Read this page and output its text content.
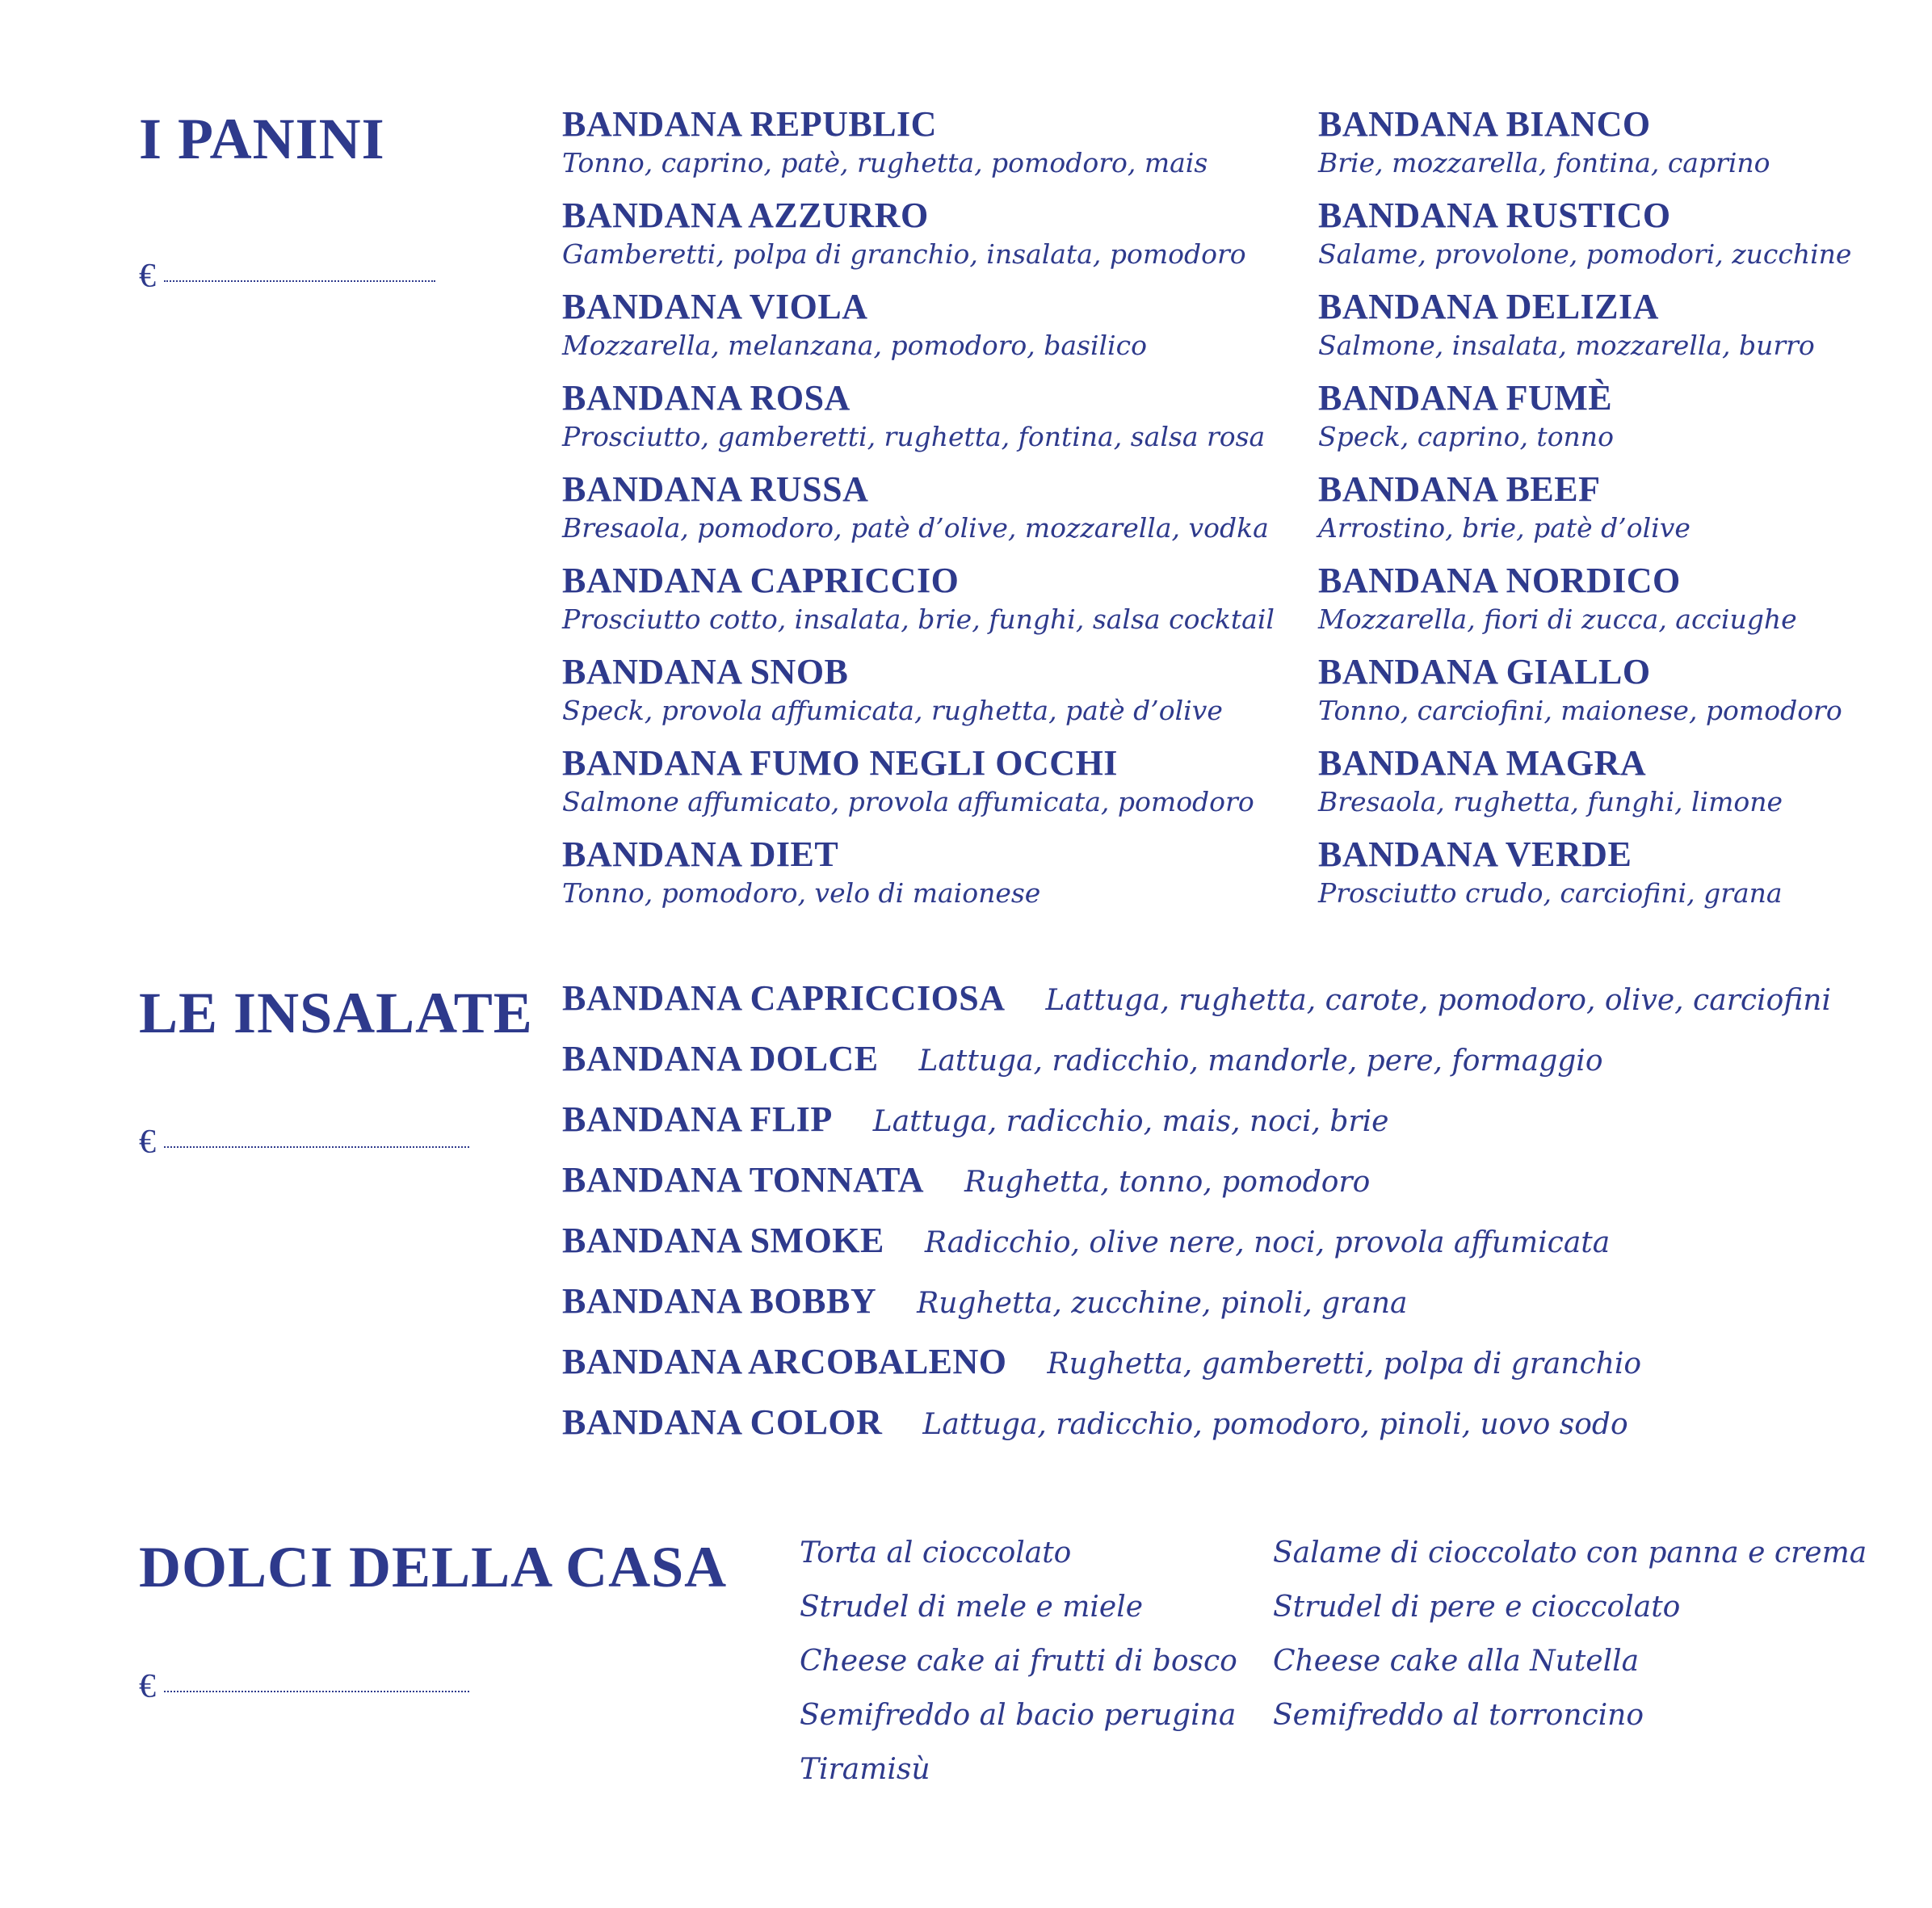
I PANINI
€
BANDANA REPUBLIC
Tonno, caprino, patè, rughetta, pomodoro, mais
BANDANA AZZURRO
Gamberetti, polpa di granchio, insalata, pomodoro
BANDANA VIOLA
Mozzarella, melanzana, pomodoro, basilico
BANDANA ROSA
Prosciutto, gamberetti, rughetta, fontina, salsa rosa
BANDANA RUSSA
Bresaola, pomodoro, patè d’olive, mozzarella, vodka
BANDANA CAPRICCIO
Prosciutto cotto, insalata, brie, funghi, salsa cocktail
BANDANA SNOB
Speck, provola affumicata, rughetta, patè d’olive
BANDANA FUMO NEGLI OCCHI
Salmone affumicato, provola affumicata, pomodoro
BANDANA DIET
Tonno, pomodoro, velo di maionese
BANDANA BIANCO
Brie, mozzarella, fontina, caprino
BANDANA RUSTICO
Salame, provolone, pomodori, zucchine
BANDANA DELIZIA
Salmone, insalata, mozzarella, burro
BANDANA FUMÈ
Speck, caprino, tonno
BANDANA BEEF
Arrostino, brie, patè d’olive
BANDANA NORDICO
Mozzarella, fiori di zucca, acciughe
BANDANA GIALLO
Tonno, carciofini, maionese, pomodoro
BANDANA MAGRA
Bresaola, rughetta, funghi, limone
BANDANA VERDE
Prosciutto crudo, carciofini, grana
LE INSALATE
€
BANDANA CAPRICCIOSA Lattuga, rughetta, carote, pomodoro, olive, carciofini
BANDANA DOLCE Lattuga, radicchio, mandorle, pere, formaggio
BANDANA FLIP Lattuga, radicchio, mais, noci, brie
BANDANA TONNATA Rughetta, tonno, pomodoro
BANDANA SMOKE Radicchio, olive nere, noci, provola affumicata
BANDANA BOBBY Rughetta, zucchine, pinoli, grana
BANDANA ARCOBALENO Rughetta, gamberetti, polpa di granchio
BANDANA COLOR Lattuga, radicchio, pomodoro, pinoli, uovo sodo
DOLCI DELLA CASA
€
Torta al cioccolato
Strudel di mele e miele
Cheese cake ai frutti di bosco
Semifreddo al bacio perugina
Tiramisù
Salame di cioccolato con panna e crema
Strudel di pere e cioccolato
Cheese cake alla Nutella
Semifreddo al torroncino
